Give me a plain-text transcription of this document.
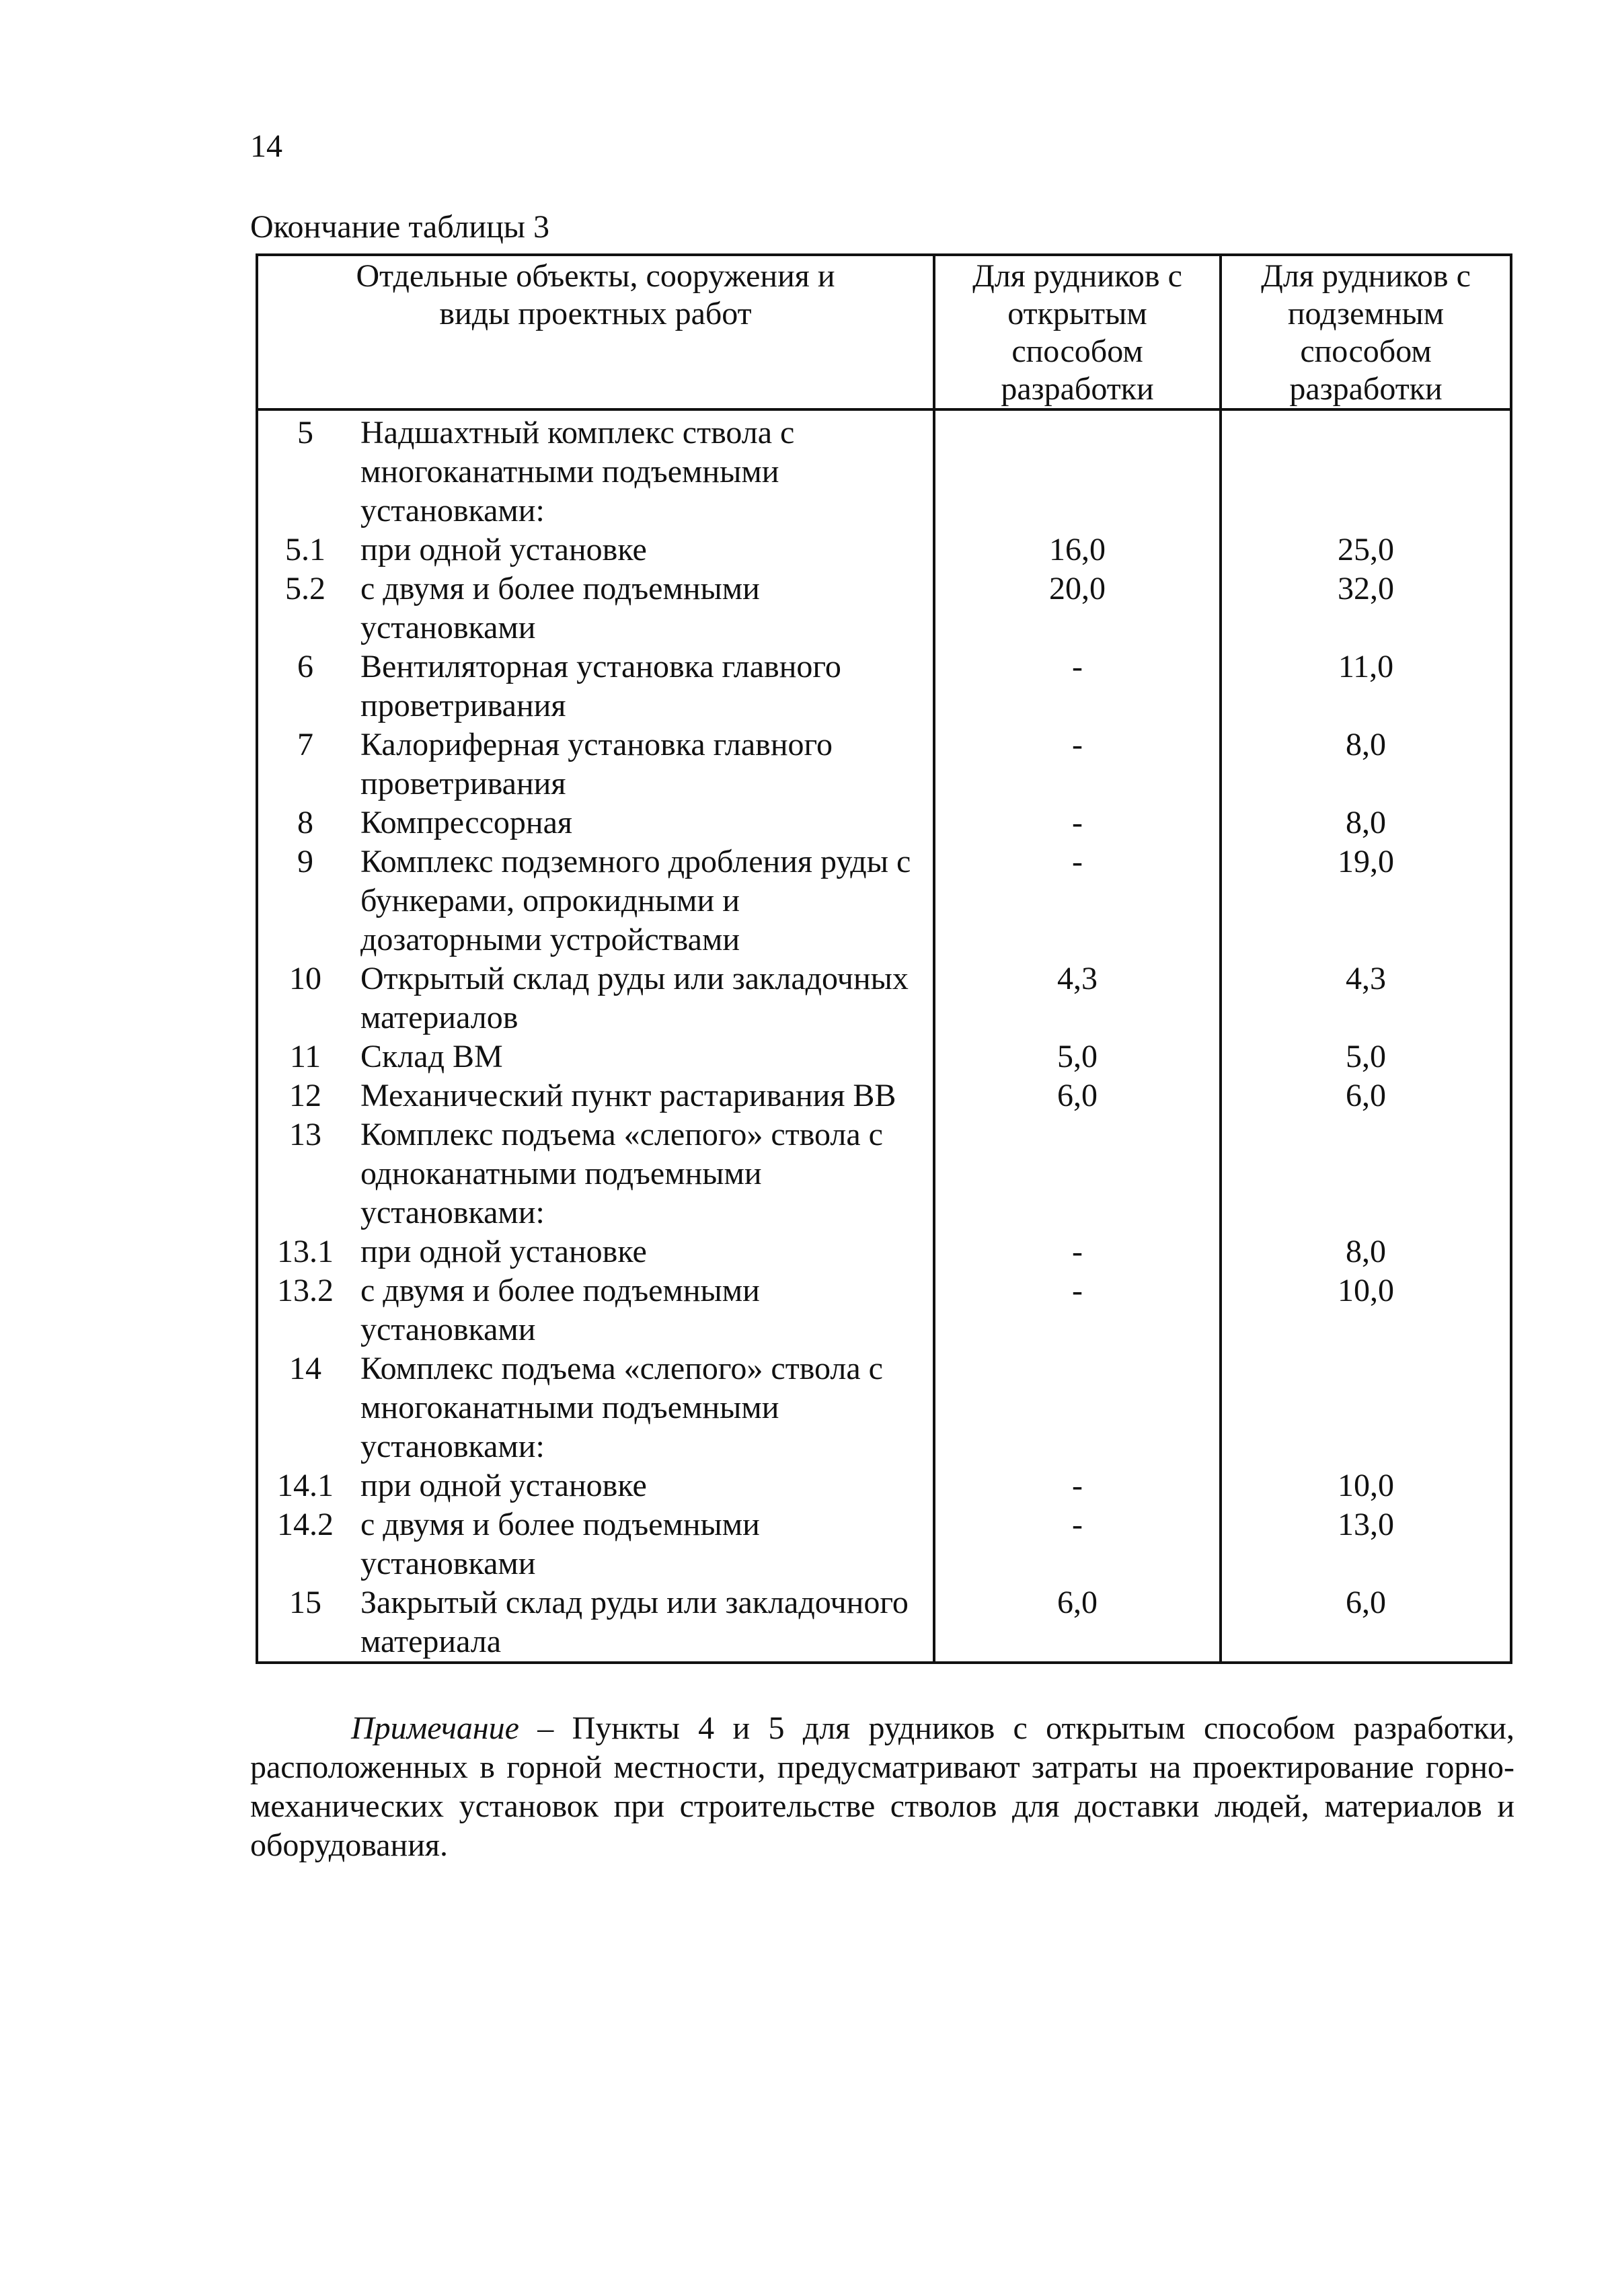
14
Окончание таблицы 3
Отдельные объекты, сооружения и виды проектных работ	Для рудников с открытым способом разработки	Для рудников с подземным способом разработки

5 Надшахтный комплекс ствола с многоканатными подъемными установками:		

5.1 при одной установке	16,0	25,0

5.2 с двумя и более подъемными установками	20,0	32,0

6 Вентиляторная установка главного проветривания	-	11,0

7 Калориферная установка главного проветривания	-	8,0

8 Компрессорная	-	8,0

9 Комплекс подземного дробления руды с бункерами, опрокидными и дозаторными устройствами	-	19,0

10 Открытый склад руды или закладочных материалов	4,3	4,3

11 Склад ВМ	5,0	5,0

12 Механический пункт растаривания ВВ	6,0	6,0

13 Комплекс подъема «слепого» ствола с одноканатными подъемными установками:		

13.1 при одной установке	-	8,0

13.2 с двумя и более подъемными установками	-	10,0

14 Комплекс подъема «слепого» ствола с многоканатными подъемными установками:		

14.1 при одной установке	-	10,0

14.2 с двумя и более подъемными установками	-	13,0

15 Закрытый склад руды или закладочного материала	6,0	6,0
Примечание – Пункты 4 и 5 для рудников с открытым способом разработки, расположенных в горной местности, предусматривают затраты на проектирование горно-механических установок при строительстве стволов для доставки людей, материалов и оборудования.
